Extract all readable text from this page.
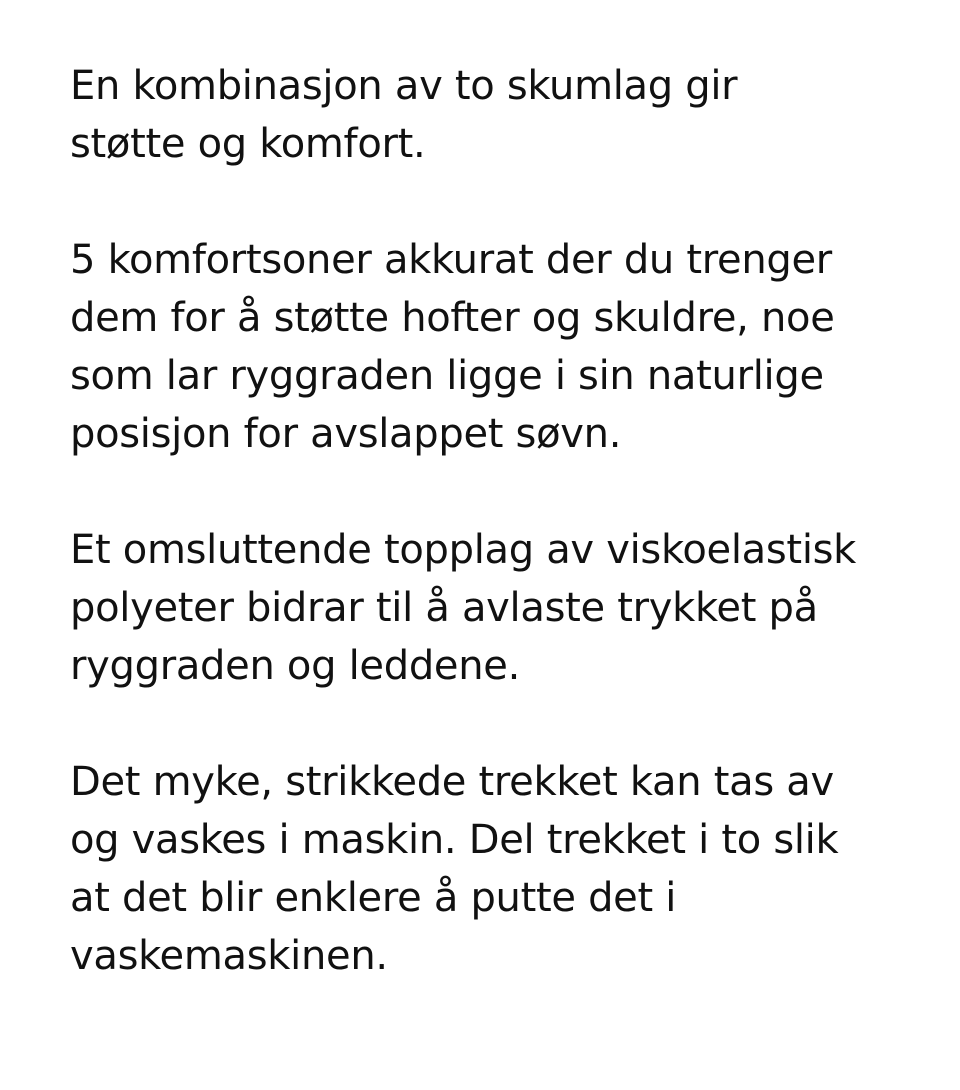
En kombinasjon av to skumlag gir
støtte og komfort.

5 komfortsoner akkurat der du trenger
dem for å støtte hofter og skuldre, noe
som lar ryggraden ligge i sin naturlige
posisjon for avslappet søvn.

Et omsluttende topplag av viskoelastisk
polyeter bidrar til å avlaste trykket på
ryggraden og leddene.

Det myke, strikkede trekket kan tas av
og vaskes i maskin. Del trekket i to slik
at det blir enklere å putte det i
vaskemaskinen.
